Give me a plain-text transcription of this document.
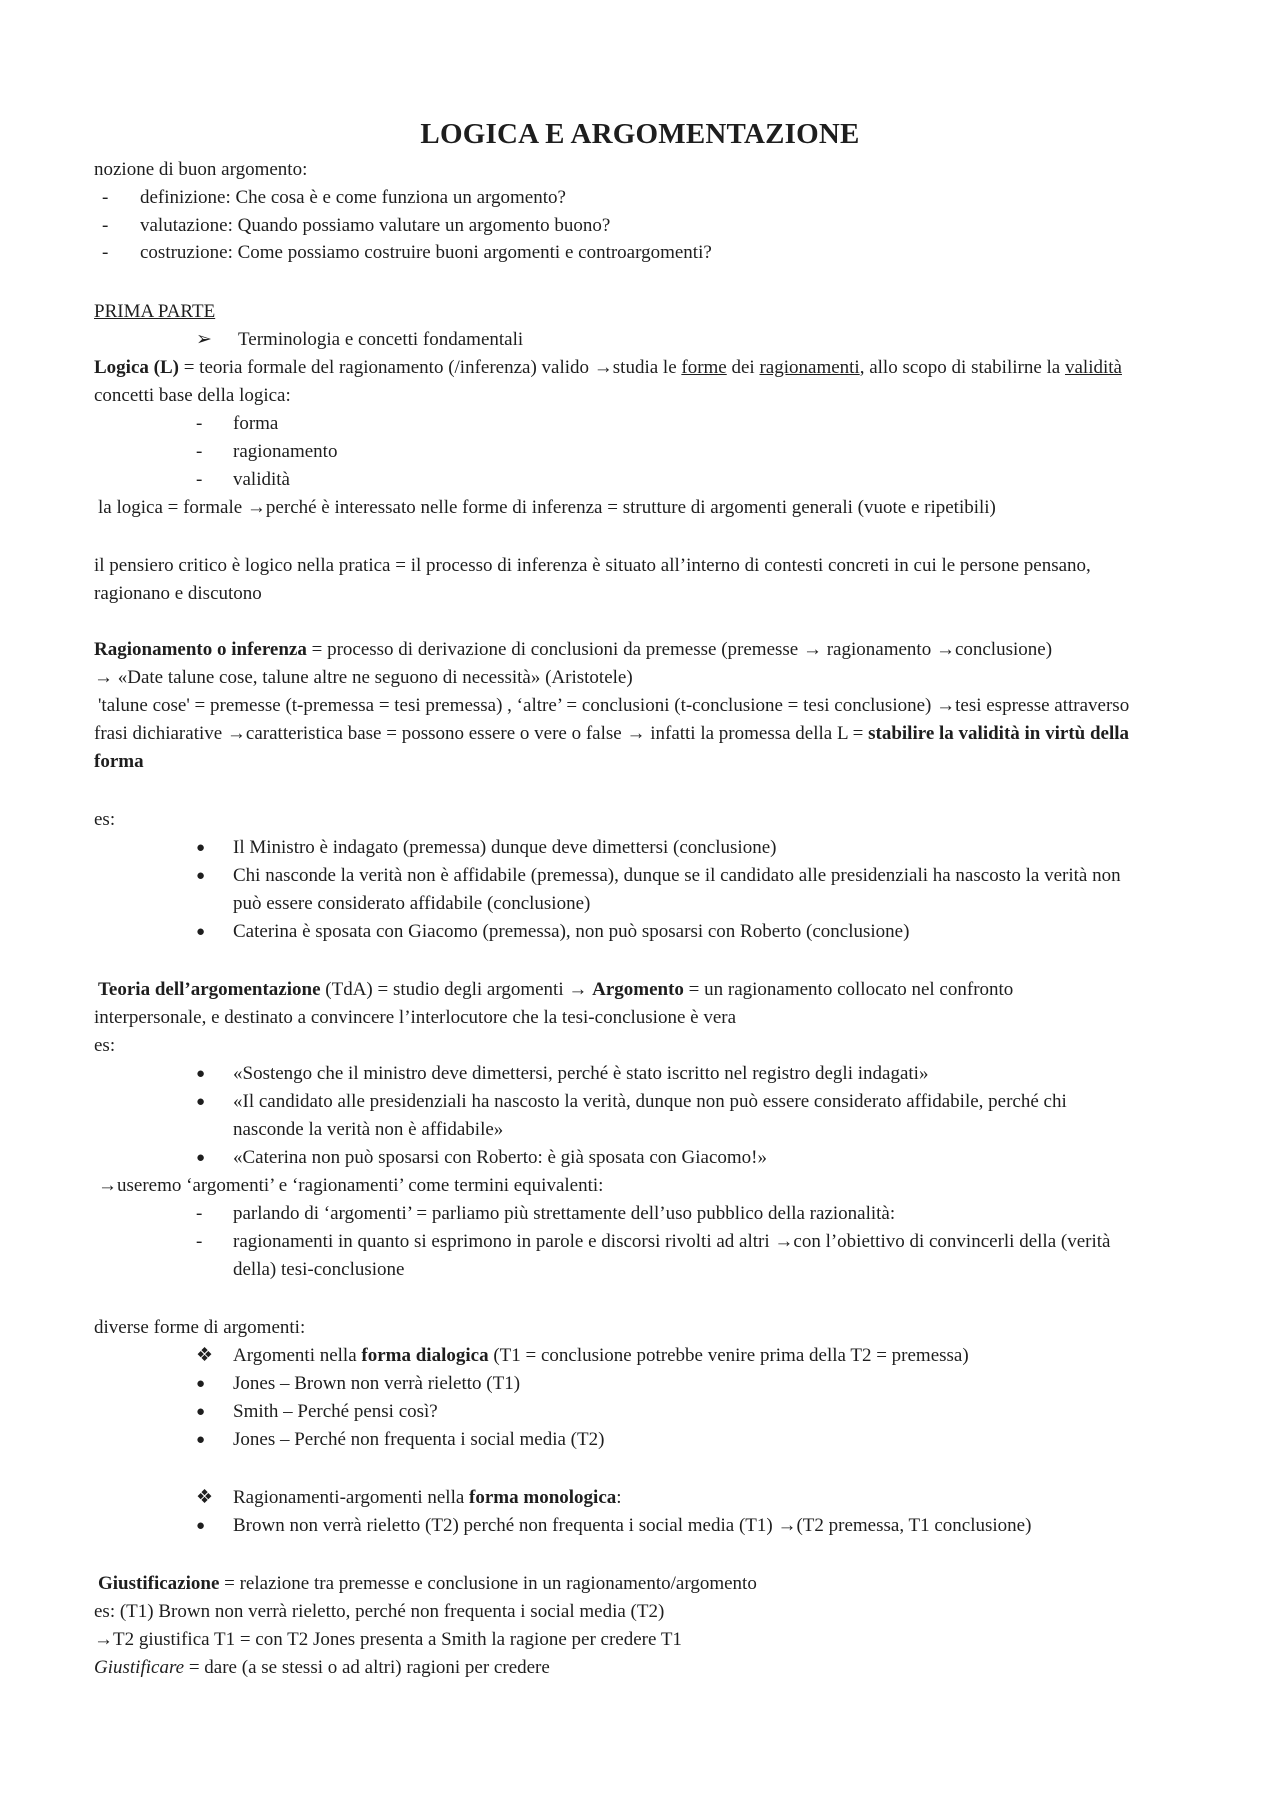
LOGICA E ARGOMENTAZIONE
nozione di buon argomento:
- definizione: Che cosa è e come funziona un argomento?
- valutazione: Quando possiamo valutare un argomento buono?
- costruzione: Come possiamo costruire buoni argomenti e controargomenti?
PRIMA PARTE
➢ Terminologia e concetti fondamentali
Logica (L) = teoria formale del ragionamento (/inferenza) valido →studia le forme dei ragionamenti, allo scopo di stabilirne la validità
concetti base della logica:
- forma
- ragionamento
- validità
la logica = formale →perché è interessato nelle forme di inferenza = strutture di argomenti generali (vuote e ripetibili)
il pensiero critico è logico nella pratica = il processo di inferenza è situato all’interno di contesti concreti in cui le persone pensano,
ragionano e discutono
Ragionamento o inferenza = processo di derivazione di conclusioni da premesse (premesse → ragionamento →conclusione)
→ «Date talune cose, talune altre ne seguono di necessità» (Aristotele)
'talune cose' = premesse (t-premessa = tesi premessa) , ‘altre’ = conclusioni (t-conclusione = tesi conclusione) →tesi espresse attraverso
frasi dichiarative →caratteristica base = possono essere o vere o false → infatti la promessa della L = stabilire la validità in virtù della
forma
es:
● Il Ministro è indagato (premessa) dunque deve dimettersi (conclusione)
● Chi nasconde la verità non è affidabile (premessa), dunque se il candidato alle presidenziali ha nascosto la verità non
può essere considerato affidabile (conclusione)
● Caterina è sposata con Giacomo (premessa), non può sposarsi con Roberto (conclusione)
Teoria dell’argomentazione (TdA) = studio degli argomenti → Argomento = un ragionamento collocato nel confronto
interpersonale, e destinato a convincere l’interlocutore che la tesi-conclusione è vera
es:
● «Sostengo che il ministro deve dimettersi, perché è stato iscritto nel registro degli indagati»
● «Il candidato alle presidenziali ha nascosto la verità, dunque non può essere considerato affidabile, perché chi
nasconde la verità non è affidabile»
● «Caterina non può sposarsi con Roberto: è già sposata con Giacomo!»
→useremo ‘argomenti’ e ‘ragionamenti’ come termini equivalenti:
- parlando di ‘argomenti’ = parliamo più strettamente dell’uso pubblico della razionalità:
- ragionamenti in quanto si esprimono in parole e discorsi rivolti ad altri →con l’obiettivo di convincerli della (verità
della) tesi-conclusione
diverse forme di argomenti:
❖ Argomenti nella forma dialogica (T1 = conclusione potrebbe venire prima della T2 = premessa)
● Jones – Brown non verrà rieletto (T1)
● Smith – Perché pensi così?
● Jones – Perché non frequenta i social media (T2)
❖ Ragionamenti-argomenti nella forma monologica:
● Brown non verrà rieletto (T2) perché non frequenta i social media (T1) →(T2 premessa, T1 conclusione)
Giustificazione = relazione tra premesse e conclusione in un ragionamento/argomento
es: (T1) Brown non verrà rieletto, perché non frequenta i social media (T2)
→T2 giustifica T1 = con T2 Jones presenta a Smith la ragione per credere T1
Giustificare = dare (a se stessi o ad altri) ragioni per credere
